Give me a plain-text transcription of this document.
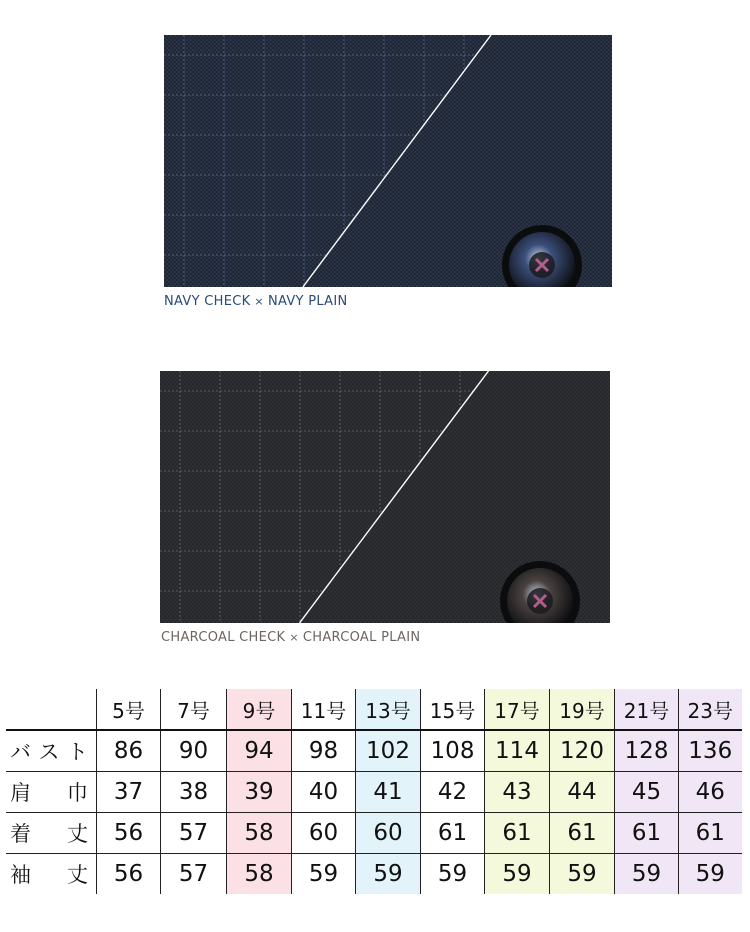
NAVY CHECK × NAVY PLAIN
CHARCOAL CHECK × CHARCOAL PLAIN
	5号	7号	9号	11号	13号	15号	17号	19号	21号	23号
バスト	86	90	94	98	102	108	114	120	128	136
肩巾	37	38	39	40	41	42	43	44	45	46
着丈	56	57	58	60	60	61	61	61	61	61
袖丈	56	57	58	59	59	59	59	59	59	59
